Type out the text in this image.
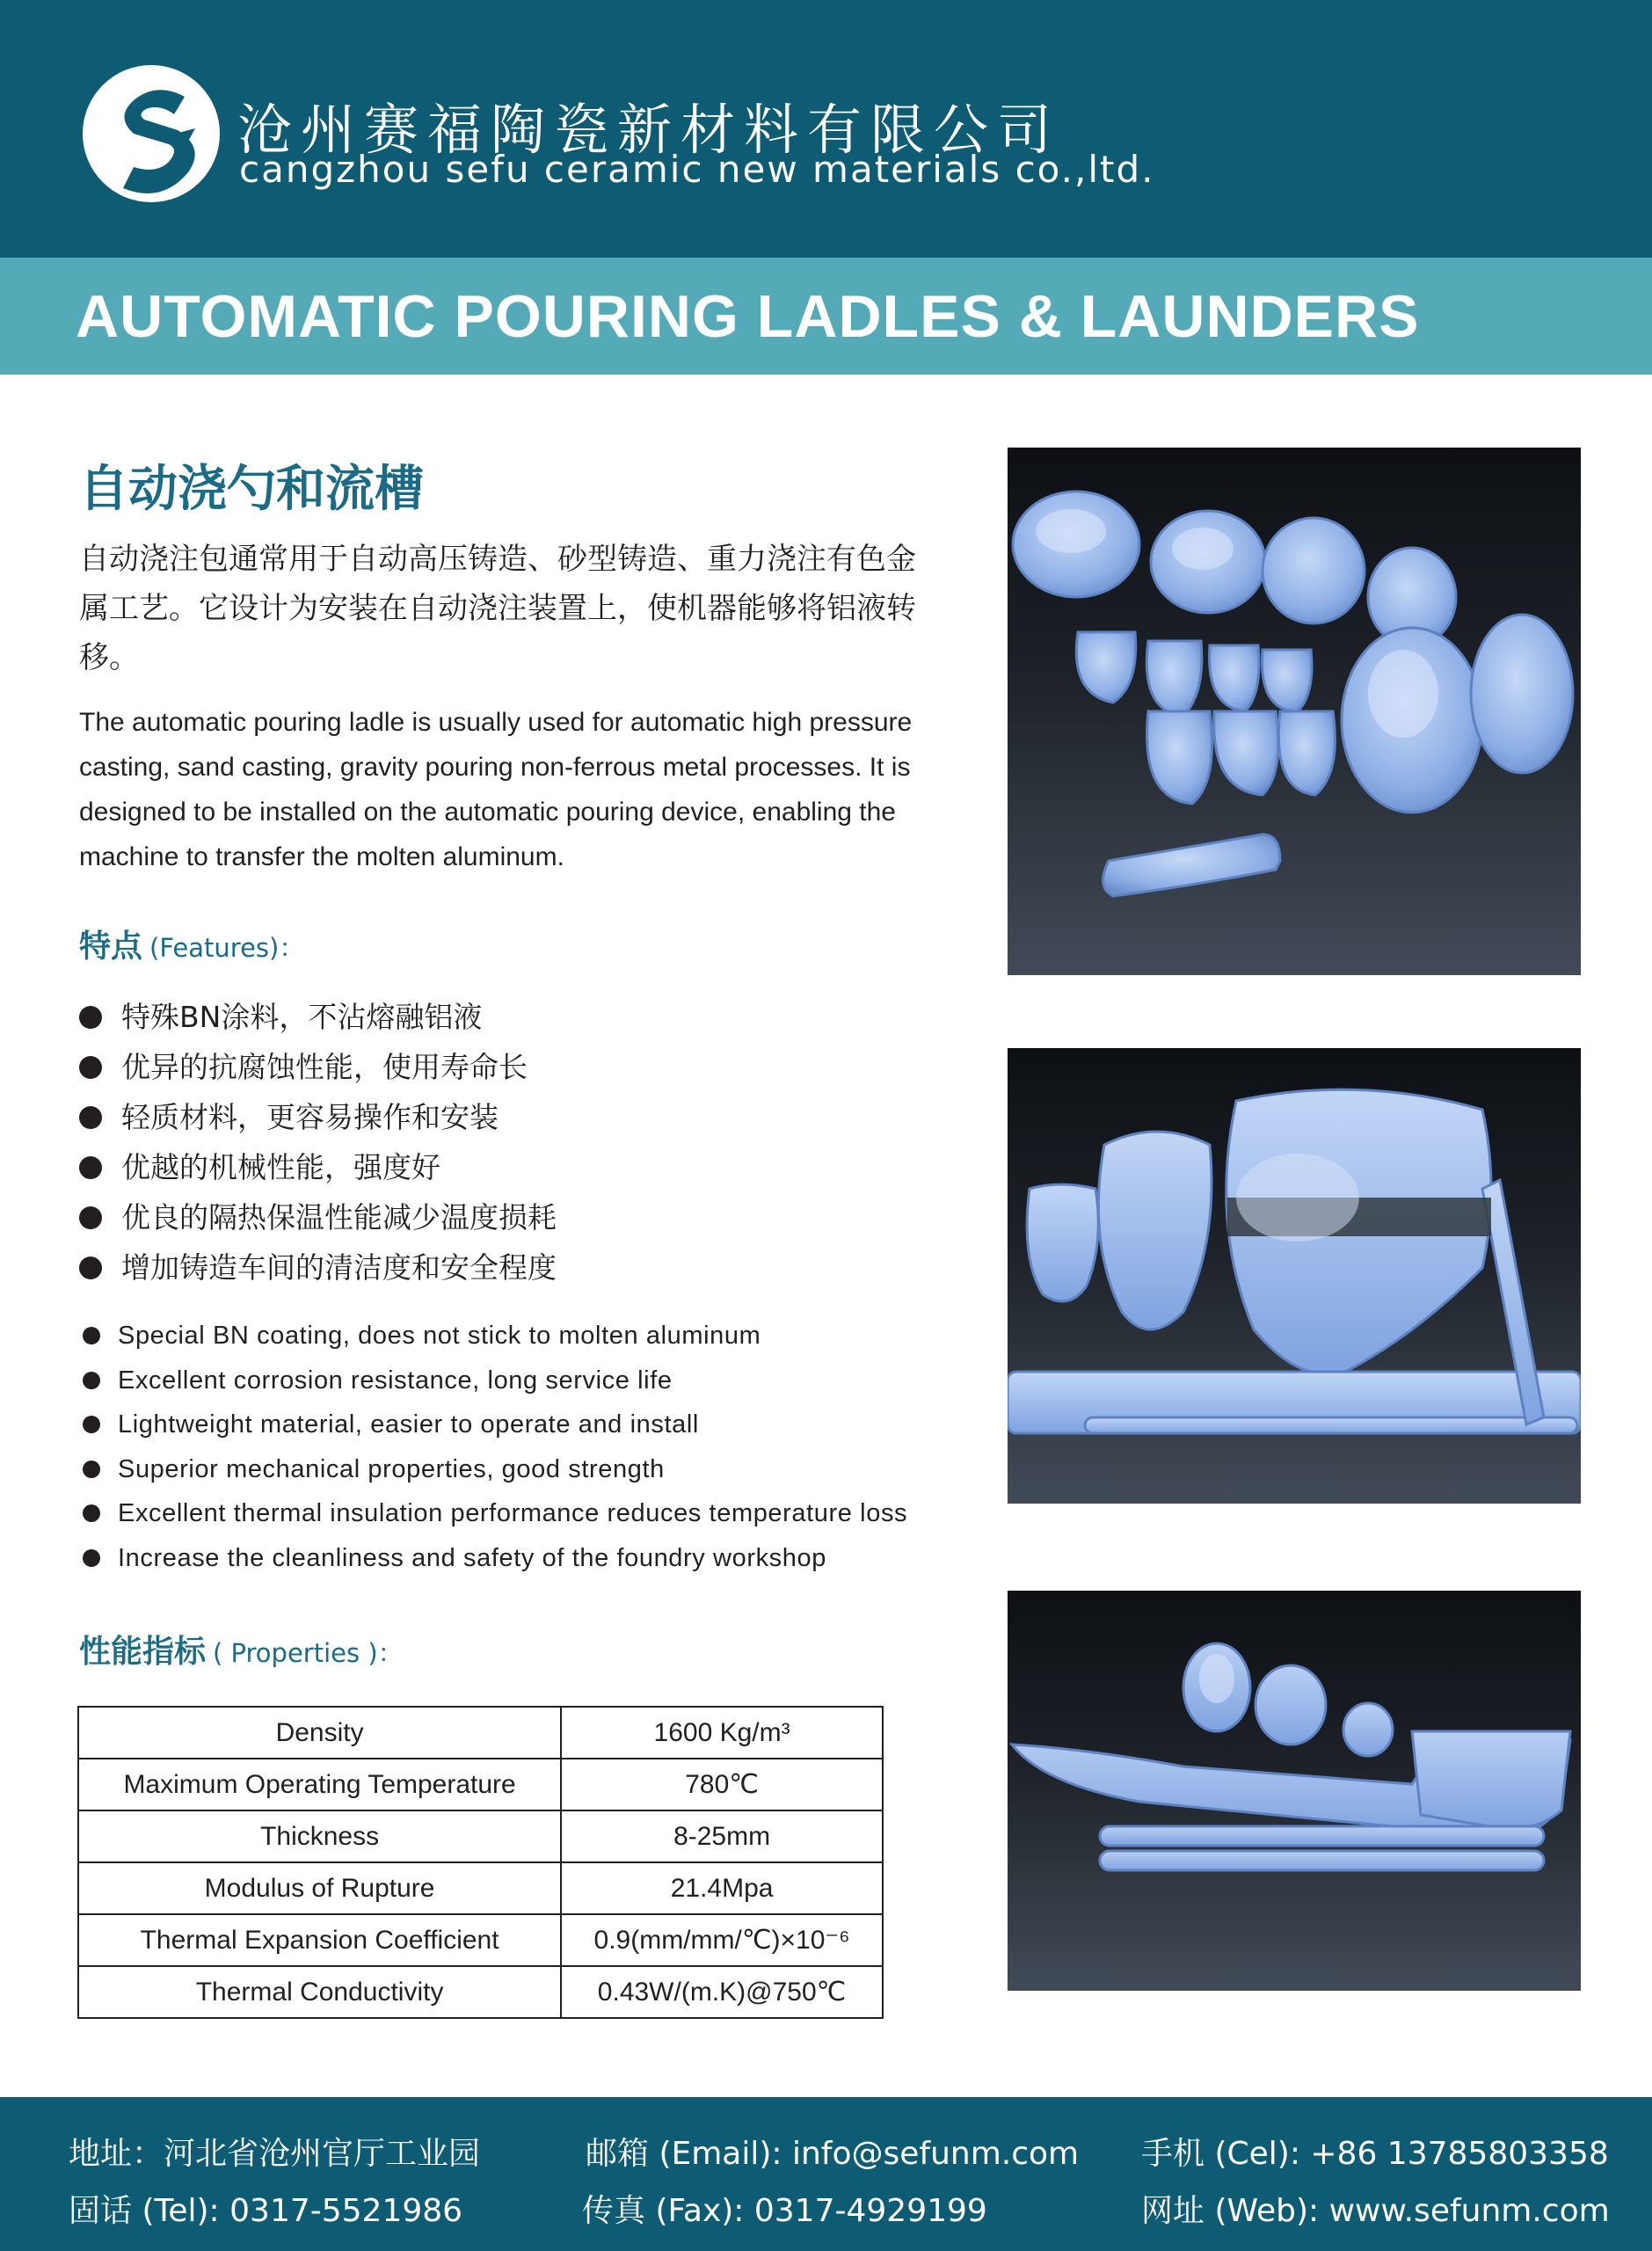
沧州赛福陶瓷新材料有限公司
cangzhou sefu ceramic new materials co.,ltd.
AUTOMATIC POURING LADLES & LAUNDERS
自动浇勺和流槽

自动浇注包通常用于自动高压铸造、砂型铸造、重力浇注有色金属工艺。它设计为安装在自动浇注装置上，使机器能够将铝液转移。

The automatic pouring ladle is usually used for automatic high pressure casting, sand casting, gravity pouring non-ferrous metal processes. It is designed to be installed on the automatic pouring device, enabling the machine to transfer the molten aluminum.

特点 (Features)：
特殊BN涂料，不沾熔融铝液
优异的抗腐蚀性能，使用寿命长
轻质材料，更容易操作和安装
优越的机械性能，强度好
优良的隔热保温性能减少温度损耗
增加铸造车间的清洁度和安全程度
Special BN coating, does not stick to molten aluminum
Excellent corrosion resistance, long service life
Lightweight material, easier to operate and install
Superior mechanical properties, good strength
Excellent thermal insulation performance reduces temperature loss
Increase the cleanliness and safety of the foundry workshop
性能指标 ( Properties )：
Density	1600 Kg/m³
Maximum Operating Temperature	780℃
Thickness	8-25mm
Modulus of Rupture	21.4Mpa
Thermal Expansion Coefficient	0.9(mm/mm/℃)×10⁻⁶
Thermal Conductivity	0.43W/(m.K)@750℃
地址：河北省沧州官厅工业园	邮箱 (Email): info@sefunm.com 手机 (Cel): +86 13785803358
固话 (Tel): 0317-5521986	传真 (Fax): 0317-4929199	网址 (Web): www.sefunm.com
